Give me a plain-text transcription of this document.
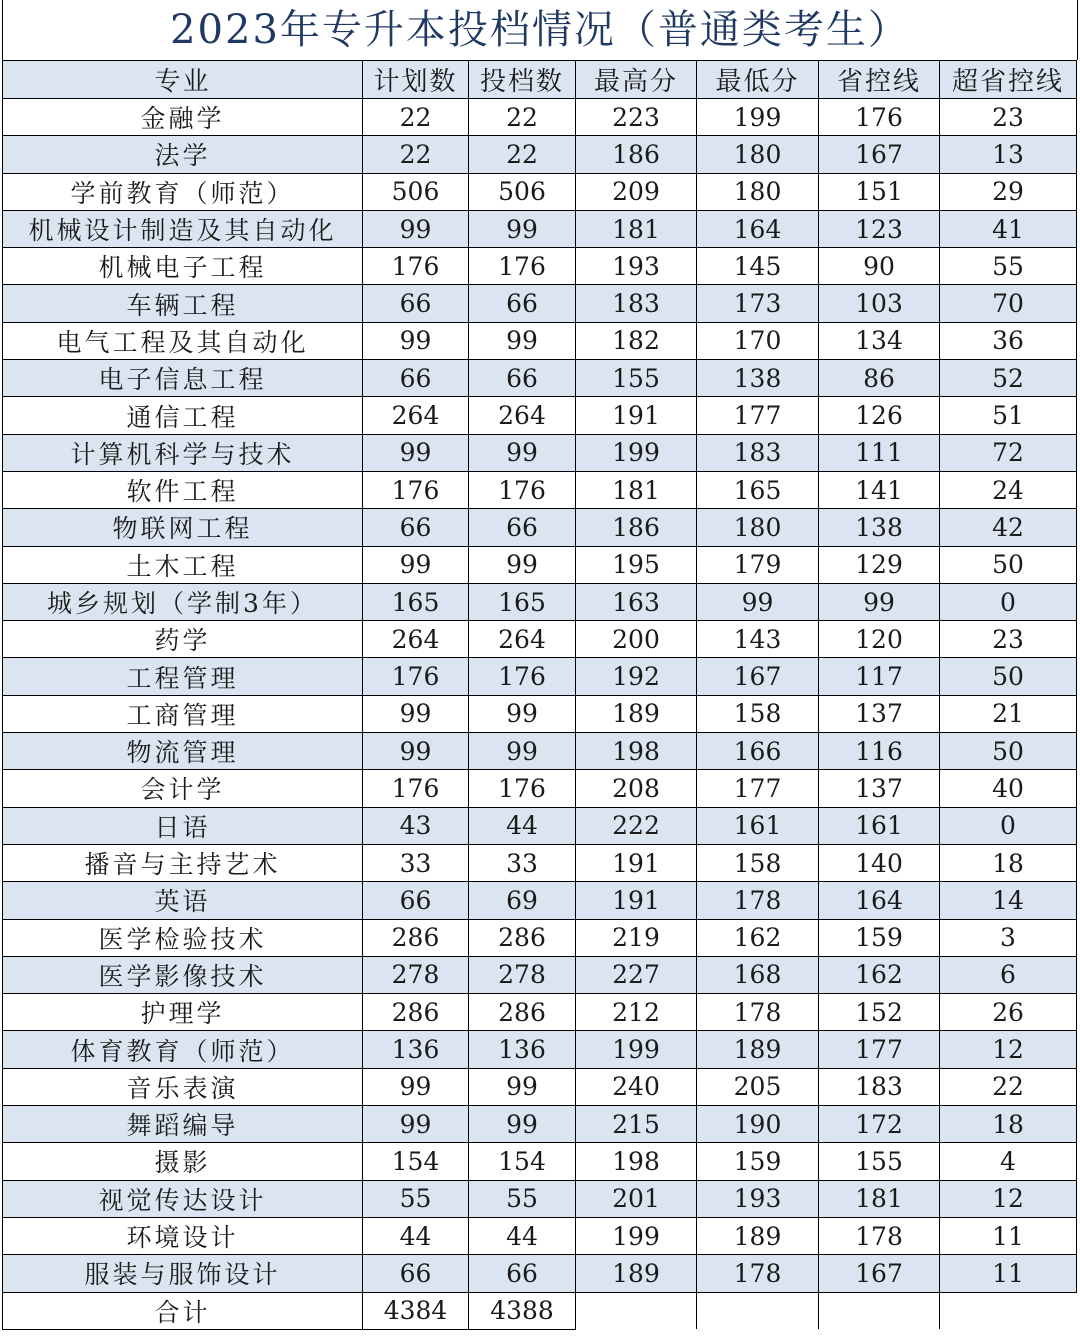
2023年专升本投档情况（普通类考生）
专业	计划数	投档数	最高分	最低分	省控线	超省控线
金融学	22	22	223	199	176	23
法学	22	22	186	180	167	13
学前教育（师范）	506	506	209	180	151	29
机械设计制造及其自动化	99	99	181	164	123	41
机械电子工程	176	176	193	145	90	55
车辆工程	66	66	183	173	103	70
电气工程及其自动化	99	99	182	170	134	36
电子信息工程	66	66	155	138	86	52
通信工程	264	264	191	177	126	51
计算机科学与技术	99	99	199	183	111	72
软件工程	176	176	181	165	141	24
物联网工程	66	66	186	180	138	42
土木工程	99	99	195	179	129	50
城乡规划（学制3年）	165	165	163	99	99	0
药学	264	264	200	143	120	23
工程管理	176	176	192	167	117	50
工商管理	99	99	189	158	137	21
物流管理	99	99	198	166	116	50
会计学	176	176	208	177	137	40
日语	43	44	222	161	161	0
播音与主持艺术	33	33	191	158	140	18
英语	66	69	191	178	164	14
医学检验技术	286	286	219	162	159	3
医学影像技术	278	278	227	168	162	6
护理学	286	286	212	178	152	26
体育教育（师范）	136	136	199	189	177	12
音乐表演	99	99	240	205	183	22
舞蹈编导	99	99	215	190	172	18
摄影	154	154	198	159	155	4
视觉传达设计	55	55	201	193	181	12
环境设计	44	44	199	189	178	11
服装与服饰设计	66	66	189	178	167	11
合计	4384	4388				
